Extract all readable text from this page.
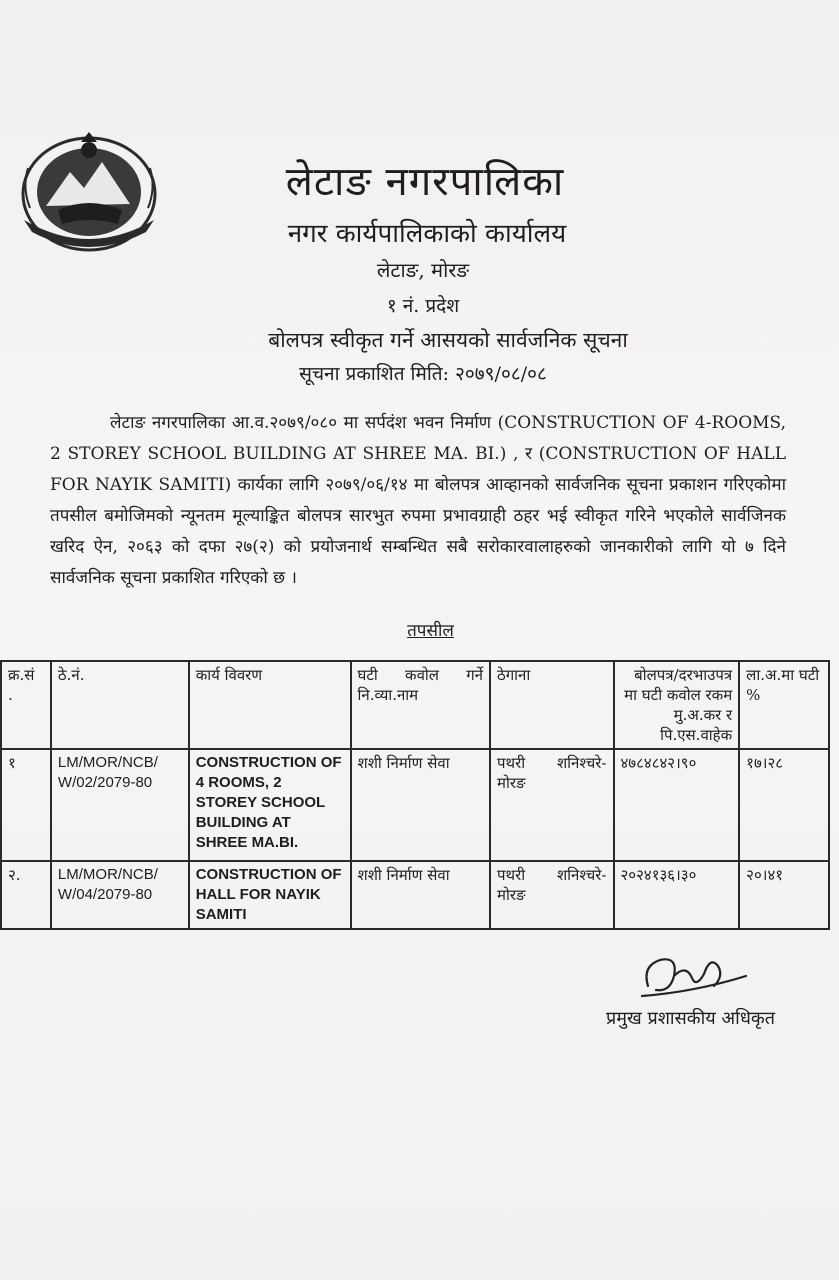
लेटाङ नगरपालिका
नगर कार्यपालिकाको कार्यालय
लेटाङ, मोरङ
१ नं. प्रदेश
बोलपत्र स्वीकृत गर्ने आसयको सार्वजनिक सूचना
सूचना प्रकाशित मिति: २०७९/०८/०८
लेटाङ नगरपालिका आ.व.२०७९/०८० मा सर्पदंश भवन निर्माण (CONSTRUCTION OF 4-ROOMS, 2 STOREY SCHOOL BUILDING AT SHREE MA. BI.) , र (CONSTRUCTION OF HALL FOR NAYIK SAMITI) कार्यका लागि २०७९/०६/१४ मा बोलपत्र आव्हानको सार्वजनिक सूचना प्रकाशन गरिएकोमा तपसील बमोजिमको न्यूनतम मूल्याङ्कित बोलपत्र सारभुत रुपमा प्रभावग्राही ठहर भई स्वीकृत गरिने भएकोले सार्वजिनक खरिद ऐन, २०६३ को दफा २७(२) को प्रयोजनार्थ सम्बन्धित सबै सरोकारवालाहरुको जानकारीको लागि यो ७ दिने सार्वजनिक सूचना प्रकाशित गरिएको छ ।
तपसील
क्र.सं .	ठे.नं.	कार्य विवरण	घटी कवोल गर्ने नि.व्या.नाम	ठेगाना	बोलपत्र/दरभाउपत्र मा घटी कवोल रकम मु.अ.कर र पि.एस.वाहेक	ला.अ.मा घटी %
१	LM/MOR/NCB/ W/02/2079-80	CONSTRUCTION OF 4 ROOMS, 2 STOREY SCHOOL BUILDING AT SHREE MA.BI.	शशी निर्माण सेवा	पथरी शनिश्चरे- मोरङ	४७८४८४२।९०	१७।२८
२.	LM/MOR/NCB/ W/04/2079-80	CONSTRUCTION OF HALL FOR NAYIK SAMITI	शशी निर्माण सेवा	पथरी शनिश्चरे- मोरङ	२०२४१३६।३०	२०।४१
प्रमुख प्रशासकीय अधिकृत
